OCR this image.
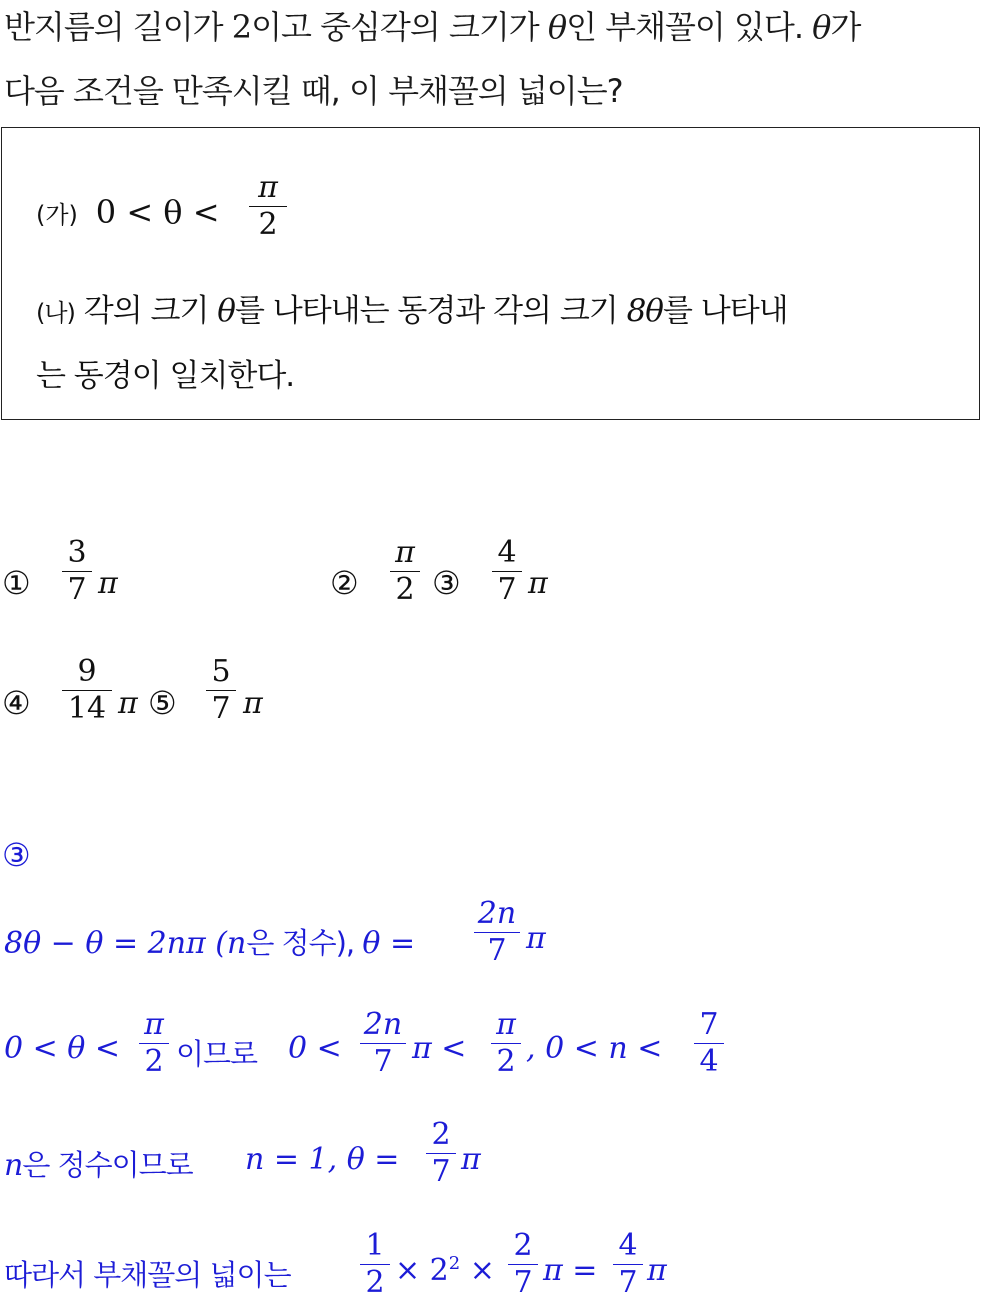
반지름의 길이가 2이고 중심각의 크기가 θ인 부채꼴이 있다. θ가
다음 조건을 만족시킬 때, 이 부채꼴의 넓이는?
(가) 0 < θ <
π
2
(나) 각의 크기 θ를 나타내는 동경과 각의 크기 8θ를 나타내
는 동경이 일치한다.
①
3
7 π	②
π
2 ③
4
7 π
④
9
14 π ⑤
5
7 π
③
8θ − θ = 2nπ (n은 정수), θ =
2n
7 π
0 < θ <
π
2 이므로 0 <
2n
7 π <
π
2 , 0 < n <
7
4
n은 정수이므로 n = 1, θ =
2
7 π
따라서 부채꼴의 넓이는
1
$2 \times 2^2$ ×
2
7 π =
4
7 π
